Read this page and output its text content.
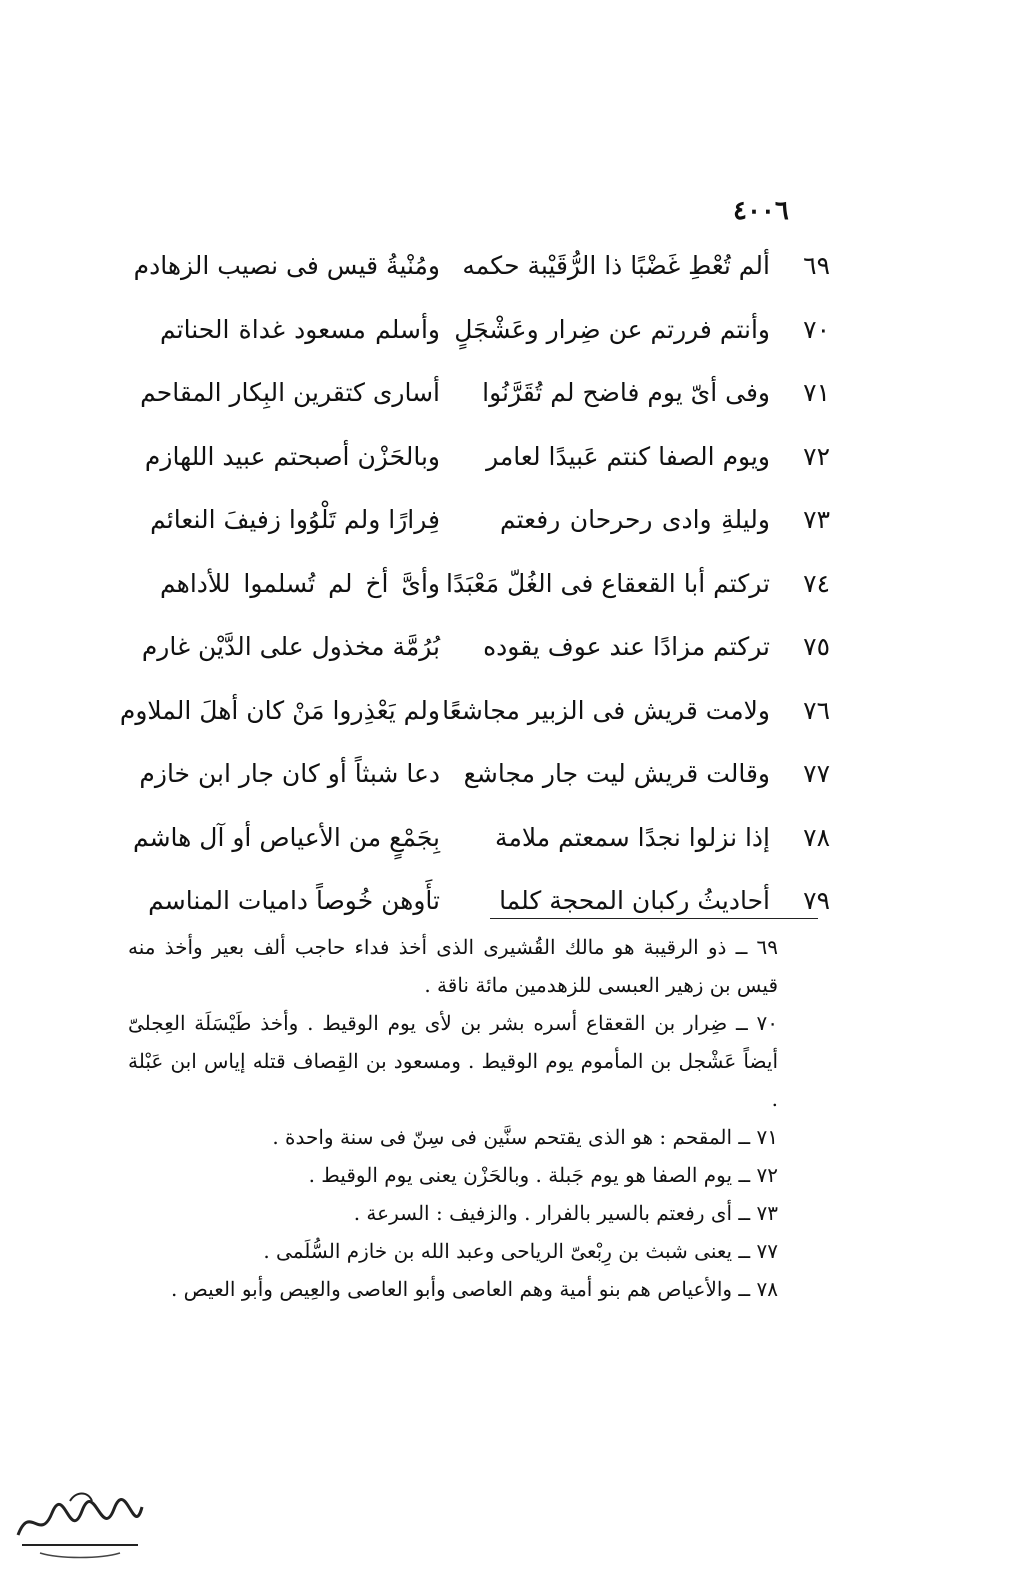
٤٠٠٦
٦٩
ألم تُعْطِ غَضْبًا ذا الرُّقَيْبة حكمه
ومُنْيةُ قيس فى نصيب الزهادم
٧٠
وأنتم فررتم عن ضِرار وعَشْجَلٍ
وأسلم مسعود غداة الحناتم
٧١
وفى أىّ يوم فاضح لم تُقَرَّنُوا
أسارى كتقرين البِكار المقاحم
٧٢
ويوم الصفا كنتم عَبيدًا لعامر
وبالحَزْن أصبحتم عبيد اللهازم
٧٣
وليلةِ وادى رحرحان رفعتم
فِرارًا ولم تَلْوُوا زفيفَ النعائم
٧٤
تركتم أبا القعقاع فى الغُلّ مَعْبَدًا
وأىَّ أخ لم تُسلموا للأداهم
٧٥
تركتم مزادًا عند عوف يقوده
بُرُمَّة مخذول على الدَّيْن غارم
٧٦
ولامت قريش فى الزبير مجاشعًا
ولم يَعْذِروا مَنْ كان أهلَ الملاوم
٧٧
وقالت قريش ليت جار مجاشع
دعا شبثاً أو كان جار ابن خازم
٧٨
إذا نزلوا نجدًا سمعتم ملامة
بِجَمْعٍ من الأعياص أو آل هاشم
٧٩
أحاديثُ ركبان المحجة كلما
تأَوهن خُوصاً داميات المناسم

٦٩ ــ ذو الرقيبة هو مالك القُشيرى الذى أخذ فداء حاجب ألف بعير وأخذ منه قيس بن زهير العبسى للزهدمين مائة ناقة .

٧٠ ــ ضِرار بن القعقاع أسره بشر بن لأى يوم الوقيط . وأخذ طَيْسَلَة العِجلىّ أيضاً عَشْجل بن المأموم يوم الوقيط . ومسعود بن القِصاف قتله إياس ابن عَبْلة .

٧١ ــ المقحم : هو الذى يقتحم سنَّين فى سِنّ فى سنة واحدة .

٧٢ ــ يوم الصفا هو يوم جَبلة . وبالحَزْن يعنى يوم الوقيط .

٧٣ ــ أى رفعتم بالسير بالفرار . والزفيف : السرعة .

٧٧ ــ يعنى شبث بن رِبْعىّ الرياحى وعبد الله بن خازم السُّلَمى .

٧٨ ــ والأعياص هم بنو أمية وهم العاصى وأبو العاصى والعِيص وأبو العيص .
